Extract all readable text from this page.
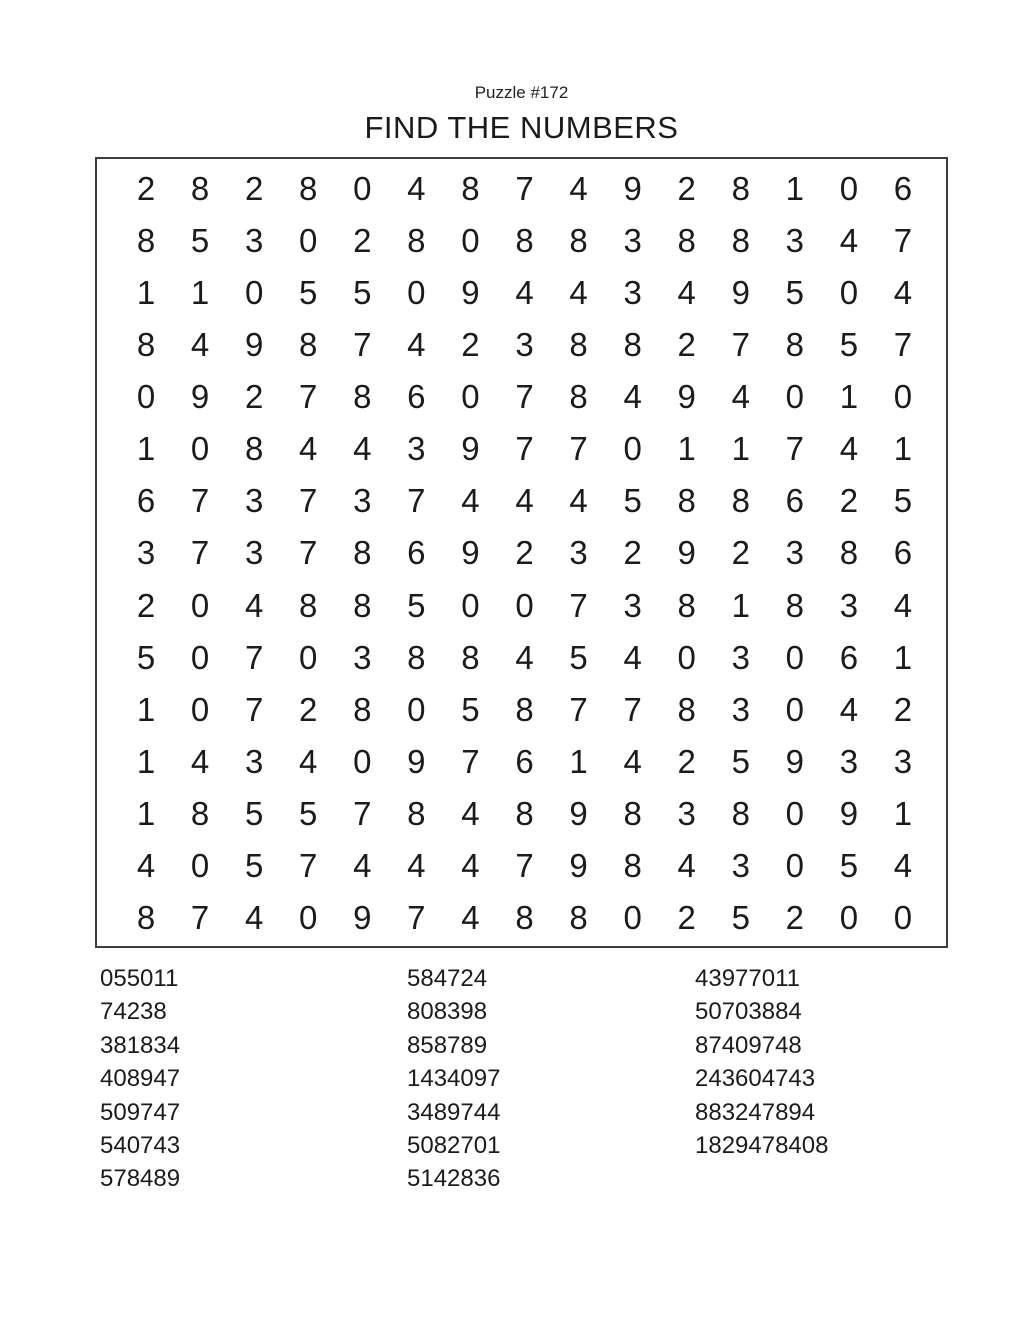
Puzzle #172
FIND THE NUMBERS
2	8	2	8	0	4	8	7	4	9	2	8	1	0	6
8	5	3	0	2	8	0	8	8	3	8	8	3	4	7
1	1	0	5	5	0	9	4	4	3	4	9	5	0	4
8	4	9	8	7	4	2	3	8	8	2	7	8	5	7
0	9	2	7	8	6	0	7	8	4	9	4	0	1	0
1	0	8	4	4	3	9	7	7	0	1	1	7	4	1
6	7	3	7	3	7	4	4	4	5	8	8	6	2	5
3	7	3	7	8	6	9	2	3	2	9	2	3	8	6
2	0	4	8	8	5	0	0	7	3	8	1	8	3	4
5	0	7	0	3	8	8	4	5	4	0	3	0	6	1
1	0	7	2	8	0	5	8	7	7	8	3	0	4	2
1	4	3	4	0	9	7	6	1	4	2	5	9	3	3
1	8	5	5	7	8	4	8	9	8	3	8	0	9	1
4	0	5	7	4	4	4	7	9	8	4	3	0	5	4
8	7	4	0	9	7	4	8	8	0	2	5	2	0	0
055011
74238
381834
408947
509747
540743
578489
584724
808398
858789
1434097
3489744
5082701
5142836
43977011
50703884
87409748
243604743
883247894
1829478408
